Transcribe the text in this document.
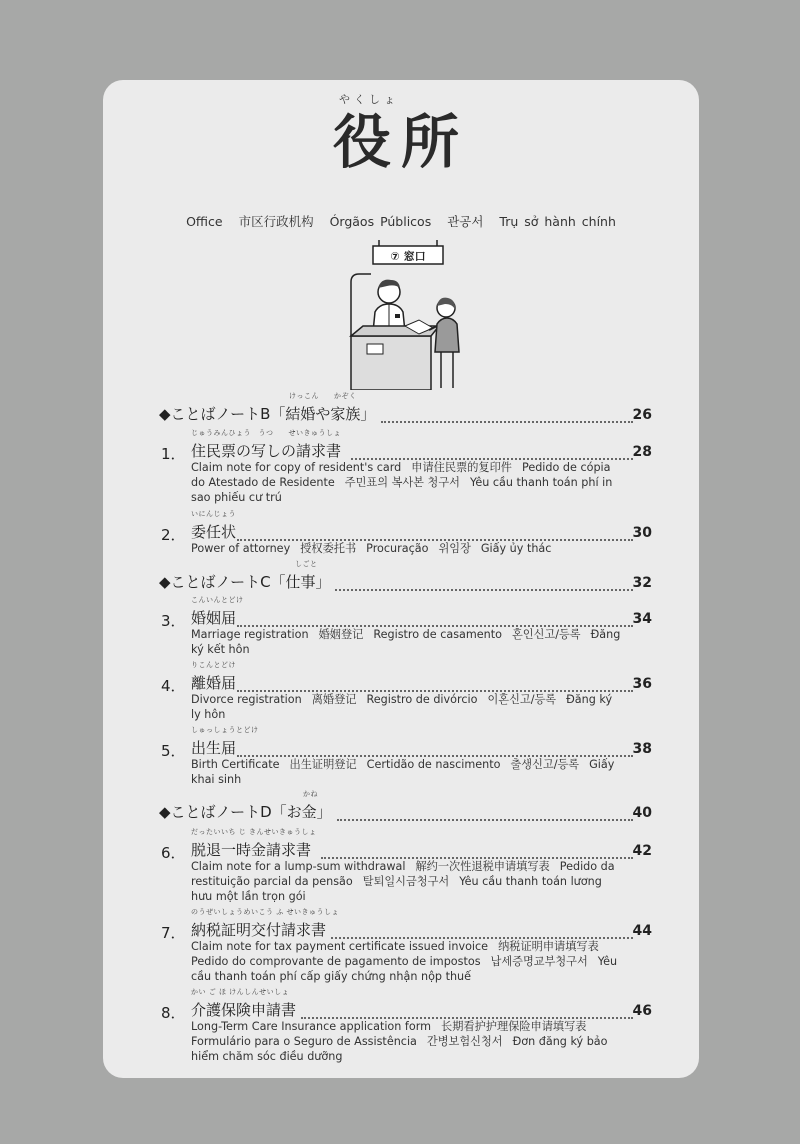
やくしょ
役所
Office 市区行政机构 Órgãos Públicos 관공서 Trụ sở hành chính
⑦ 窓口
けっこん　　かぞく
◆ことばノートB「結婚や家族」	26
じゅうみんひょう　うつ　　せいきゅうしょ
1． 住民票の写しの請求書	28
Claim note for copy of resident's card 申请住民票的复印件 Pedido de cópia do Atestado de Residente 주민표의 복사본 청구서 Yêu cầu thanh toán phí in sao phiếu cư trú
いにんじょう
2． 委任状	30
Power of attorney 授权委托书 Procuração 위임장 Giấy ủy thác
しごと
◆ことばノートC「仕事」	32
こんいんとどけ
3． 婚姻届	34
Marriage registration 婚姻登记 Registro de casamento 혼인신고/등록 Đăng ký kết hôn
りこんとどけ
4． 離婚届	36
Divorce registration 离婚登记 Registro de divórcio 이혼신고/등록 Đăng ký ly hôn
しゅっしょうとどけ
5． 出生届	38
Birth Certificate 出生证明登记 Certidão de nascimento 출생신고/등록 Giấy khai sinh
かね
◆ことばノートD「お金」	40
だったいいち じ きんせいきゅうしょ
6． 脱退一時金請求書	42
Claim note for a lump-sum withdrawal 解约一次性退税申请填写表 Pedido da restituição parcial da pensão 탈퇴일시금청구서 Yêu cầu thanh toán lương hưu một lần trọn gói
のうぜいしょうめいこう ふ せいきゅうしょ
7． 納税証明交付請求書	44
Claim note for tax payment certificate issued invoice 纳税证明申请填写表Pedido do comprovante de pagamento de impostos 납세증명교부청구서 Yêu cầu thanh toán phí cấp giấy chứng nhận nộp thuế
かい ご ほ けんしんせいしょ
8． 介護保険申請書	46
Long-Term Care Insurance application form 长期看护护理保险申请填写表Formulário para o Seguro de Assistência 간병보험신청서 Đơn đăng ký bảo hiểm chăm sóc điều dưỡng
